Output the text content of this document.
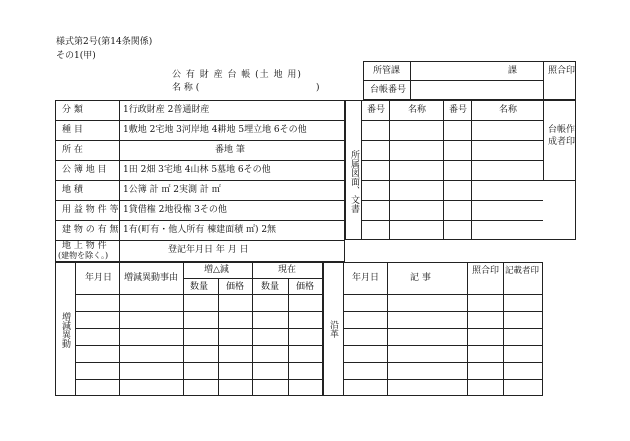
様式第2号(第14条関係)
その1(甲)
公 有 財 産 台 帳 (土 地 用)
名 称 (	)
所管課	課
台帳番号
照合印
分 類	1行政財産 2普通財産
種 目	1敷地 2宅地 3河岸地 4耕地 5埋立地 6その他
所 在	番地 筆
公 簿 地 目 1田 2畑 3宅地 4山林 5墓地 6その他
地 積	1公簿 計 ㎡ 2実測 計 ㎡
用 益 物 件 等 1貸借権 2地役権 3その他
建 物 の 有 無 1有(町有・他人所有 棟建面積 ㎡) 2無
地 上 物 件
(建物を除く。)
登記年月日 年 月 日
所属図面、文書
番号	名称	番号	名称
台帳作成者印
増減異動
年月日 増減異動事由
増△減	現在
数量 価格 数量 価格
沿革
年月日	記 事
照合印 記載者印
